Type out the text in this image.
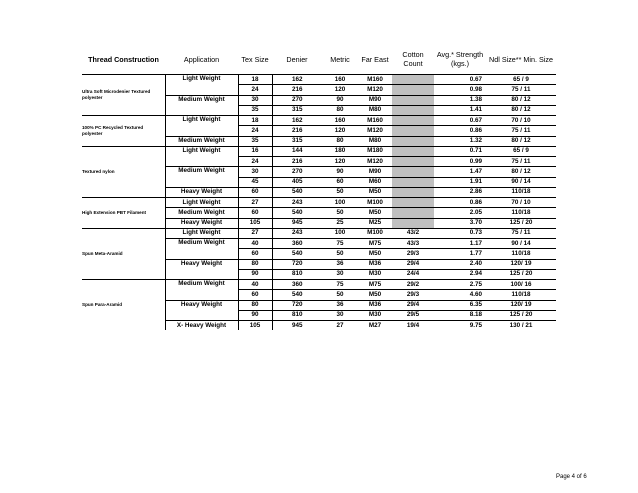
Thread Construction	Application	Tex Size	Denier	Metric	Far East	Cotton Count	Avg.* Strength (kgs.)	Ndl Size** Min. Size
Ultra Soft Microdenier Textured polyester	Light Weight	18	162	160	M160		0.67	65 / 9
		24	216	120	M120		0.98	75 / 11
	Medium Weight	30	270	90	M90		1.38	80 / 12
		35	315	80	M80		1.41	80 / 12
100% PC Recycled Textured polyester	Light Weight	18	162	160	M160		0.67	70 / 10
		24	216	120	M120		0.86	75 / 11
	Medium Weight	35	315	80	M80		1.32	80 / 12
Textured nylon	Light Weight	16	144	180	M180		0.71	65 / 9
		24	216	120	M120		0.99	75 / 11
	Medium Weight	30	270	90	M90		1.47	80 / 12
		45	405	60	M60		1.91	90 / 14
	Heavy Weight	60	540	50	M50		2.86	110/18
High Extension PBT Filament	Light Weight	27	243	100	M100		0.86	70 / 10
	Medium Weight	60	540	50	M50		2.05	110/18
	Heavy Weight	105	945	25	M25		3.70	125 / 20
Spun Meta-Aramid	Light Weight	27	243	100	M100	43/2	0.73	75 / 11
	Medium Weight	40	360	75	M75	43/3	1.17	90 / 14
		60	540	50	M50	29/3	1.77	110/18
	Heavy Weight	80	720	36	M36	29/4	2.40	120/ 19
		90	810	30	M30	24/4	2.94	125 / 20
Spun Para-Aramid	Medium Weight	40	360	75	M75	29/2	2.75	100/ 16
		60	540	50	M50	29/3	4.60	110/18
	Heavy Weight	80	720	36	M36	29/4	6.35	120/ 19
		90	810	30	M30	29/5	8.18	125 / 20
	X- Heavy Weight	105	945	27	M27	19/4	9.75	130 / 21
Page 4 of 6
